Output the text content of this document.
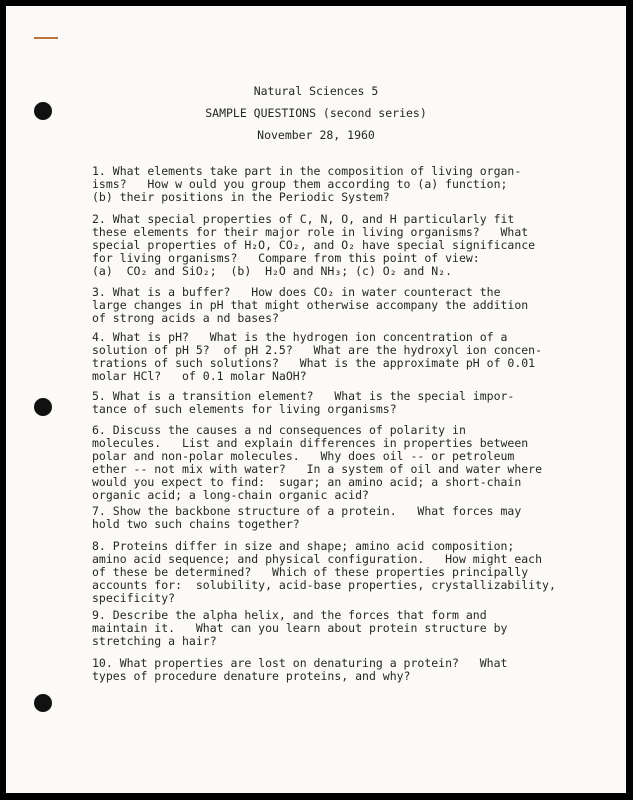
Natural Sciences 5
SAMPLE QUESTIONS (second series)
November 28, 1960
1. What elements take part in the composition of living organ-
isms?   How w ould you group them according to (a) function;
(b) their positions in the Periodic System?
2. What special properties of C, N, O, and H particularly fit
these elements for their major role in living organisms?   What
special properties of H₂O, CO₂, and O₂ have special significance
for living organisms?   Compare from this point of view:
(a)  CO₂ and SiO₂;  (b)  H₂O and NH₃; (c) O₂ and N₂.
3. What is a buffer?   How does CO₂ in water counteract the
large changes in pH that might otherwise accompany the addition
of strong acids a nd bases?
4. What is pH?   What is the hydrogen ion concentration of a
solution of pH 5?  of pH 2.5?   What are the hydroxyl ion concen-
trations of such solutions?   What is the approximate pH of 0.01
molar HCl?   of 0.1 molar NaOH?
5. What is a transition element?   What is the special impor-
tance of such elements for living organisms?
6. Discuss the causes a nd consequences of polarity in
molecules.   List and explain differences in properties between
polar and non-polar molecules.   Why does oil -- or petroleum
ether -- not mix with water?   In a system of oil and water where
would you expect to find:  sugar; an amino acid; a short-chain
organic acid; a long-chain organic acid?
7. Show the backbone structure of a protein.   What forces may
hold two such chains together?
8. Proteins differ in size and shape; amino acid composition;
amino acid sequence; and physical configuration.   How might each
of these be determined?   Which of these properties principally
accounts for:  solubility, acid-base properties, crystallizability,
specificity?
9. Describe the alpha helix, and the forces that form and
maintain it.   What can you learn about protein structure by
stretching a hair?
10. What properties are lost on denaturing a protein?   What
types of procedure denature proteins, and why?
